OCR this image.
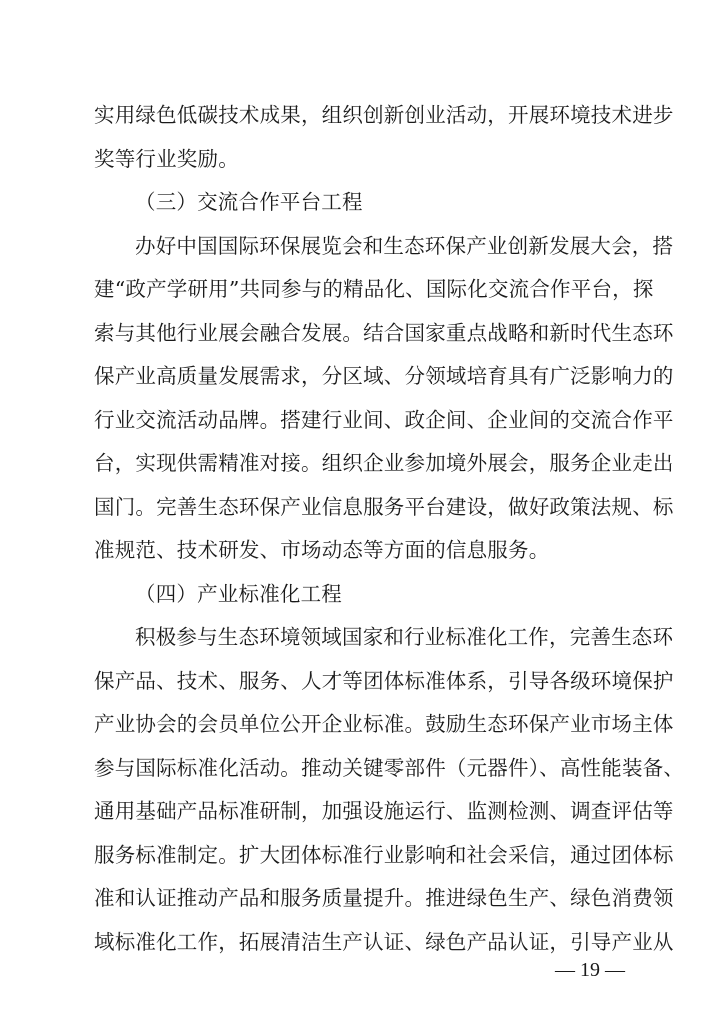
实用绿色低碳技术成果，组织创新创业活动，开展环境技术进步
奖等行业奖励。
（三）交流合作平台工程
办好中国国际环保展览会和生态环保产业创新发展大会，搭
建“政产学研用”共同参与的精品化、国际化交流合作平台，探
索与其他行业展会融合发展。结合国家重点战略和新时代生态环
保产业高质量发展需求，分区域、分领域培育具有广泛影响力的
行业交流活动品牌。搭建行业间、政企间、企业间的交流合作平
台，实现供需精准对接。组织企业参加境外展会，服务企业走出
国门。完善生态环保产业信息服务平台建设，做好政策法规、标
准规范、技术研发、市场动态等方面的信息服务。
（四）产业标准化工程
积极参与生态环境领域国家和行业标准化工作，完善生态环
保产品、技术、服务、人才等团体标准体系，引导各级环境保护
产业协会的会员单位公开企业标准。鼓励生态环保产业市场主体
参与国际标准化活动。推动关键零部件（元器件）、高性能装备、
通用基础产品标准研制，加强设施运行、监测检测、调查评估等
服务标准制定。扩大团体标准行业影响和社会采信，通过团体标
准和认证推动产品和服务质量提升。推进绿色生产、绿色消费领
域标准化工作，拓展清洁生产认证、绿色产品认证，引导产业从
— 19 —
